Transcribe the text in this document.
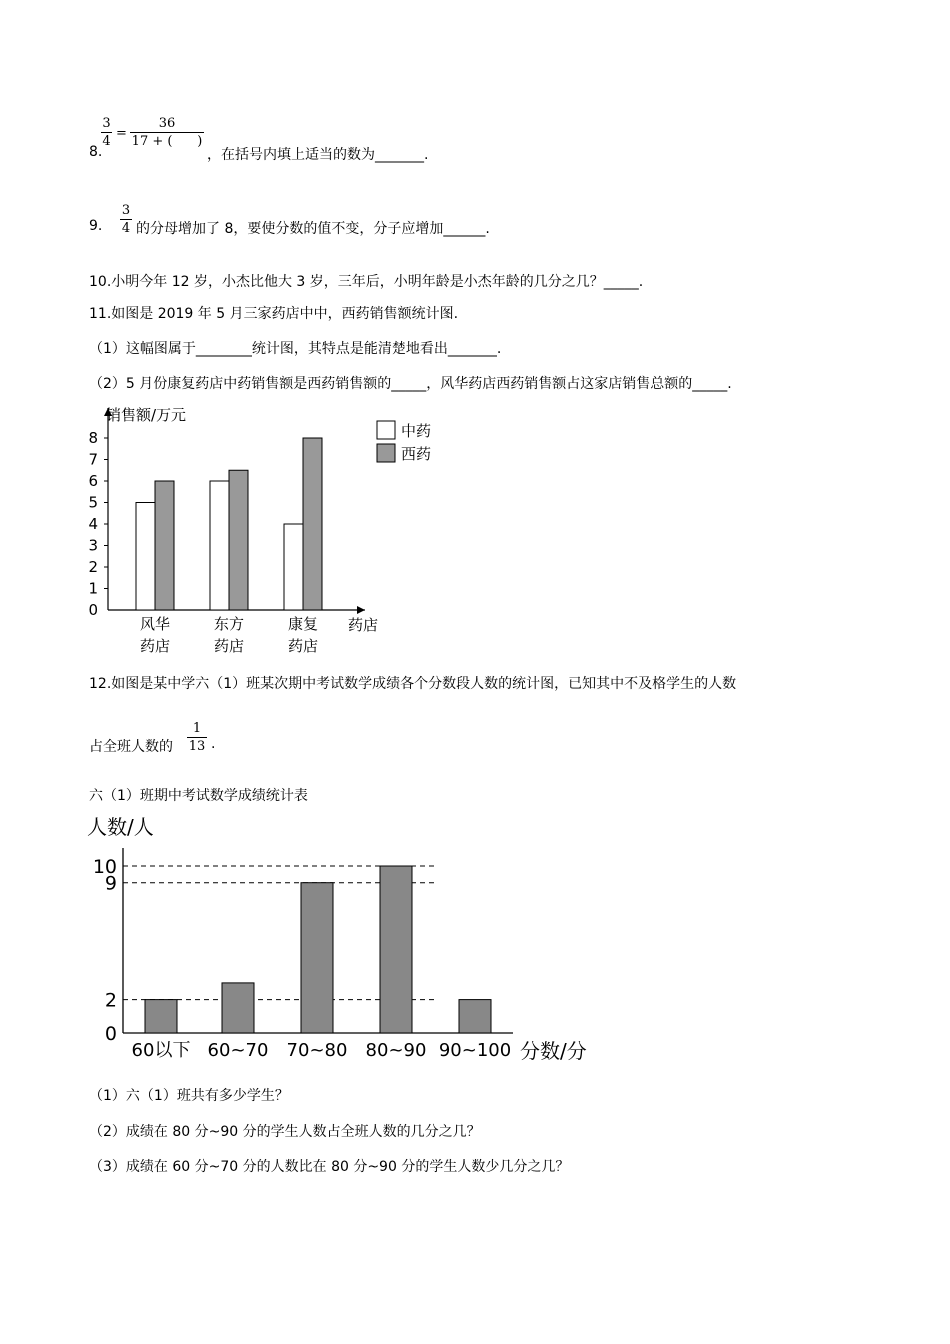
8.
3
4
=
36
17 + (      )
，在括号内填上适当的数为_______.
9.
3
4 的分母增加了 8，要使分数的值不变，分子应增加______.
10.小明今年 12 岁，小杰比他大 3 岁，三年后，小明年龄是小杰年龄的几分之几？_____.
11.如图是 2019 年 5 月三家药店中中，西药销售额统计图.
（1）这幅图属于________统计图，其特点是能清楚地看出_______.
（2）5 月份康复药店中药销售额是西药销售额的_____，风华药店西药销售额占这家店销售总额的_____.
0
1
2
3
4
5
6
7
8
风华
药店
东方
药店
康复
药店
销售额/万元
药店
中药
西药
12.如图是某中学六（1）班某次期中考试数学成绩各个分数段人数的统计图，已知其中不及格学生的人数
占全班人数的
1
13 .
六（1）班期中考试数学成绩统计表
0
2
9
10
60以下 60~70 70~80 80~90 90~100
人数/人
分数/分
（1）六（1）班共有多少学生？
（2）成绩在 80 分~90 分的学生人数占全班人数的几分之几？
（3）成绩在 60 分~70 分的人数比在 80 分~90 分的学生人数少几分之几？
